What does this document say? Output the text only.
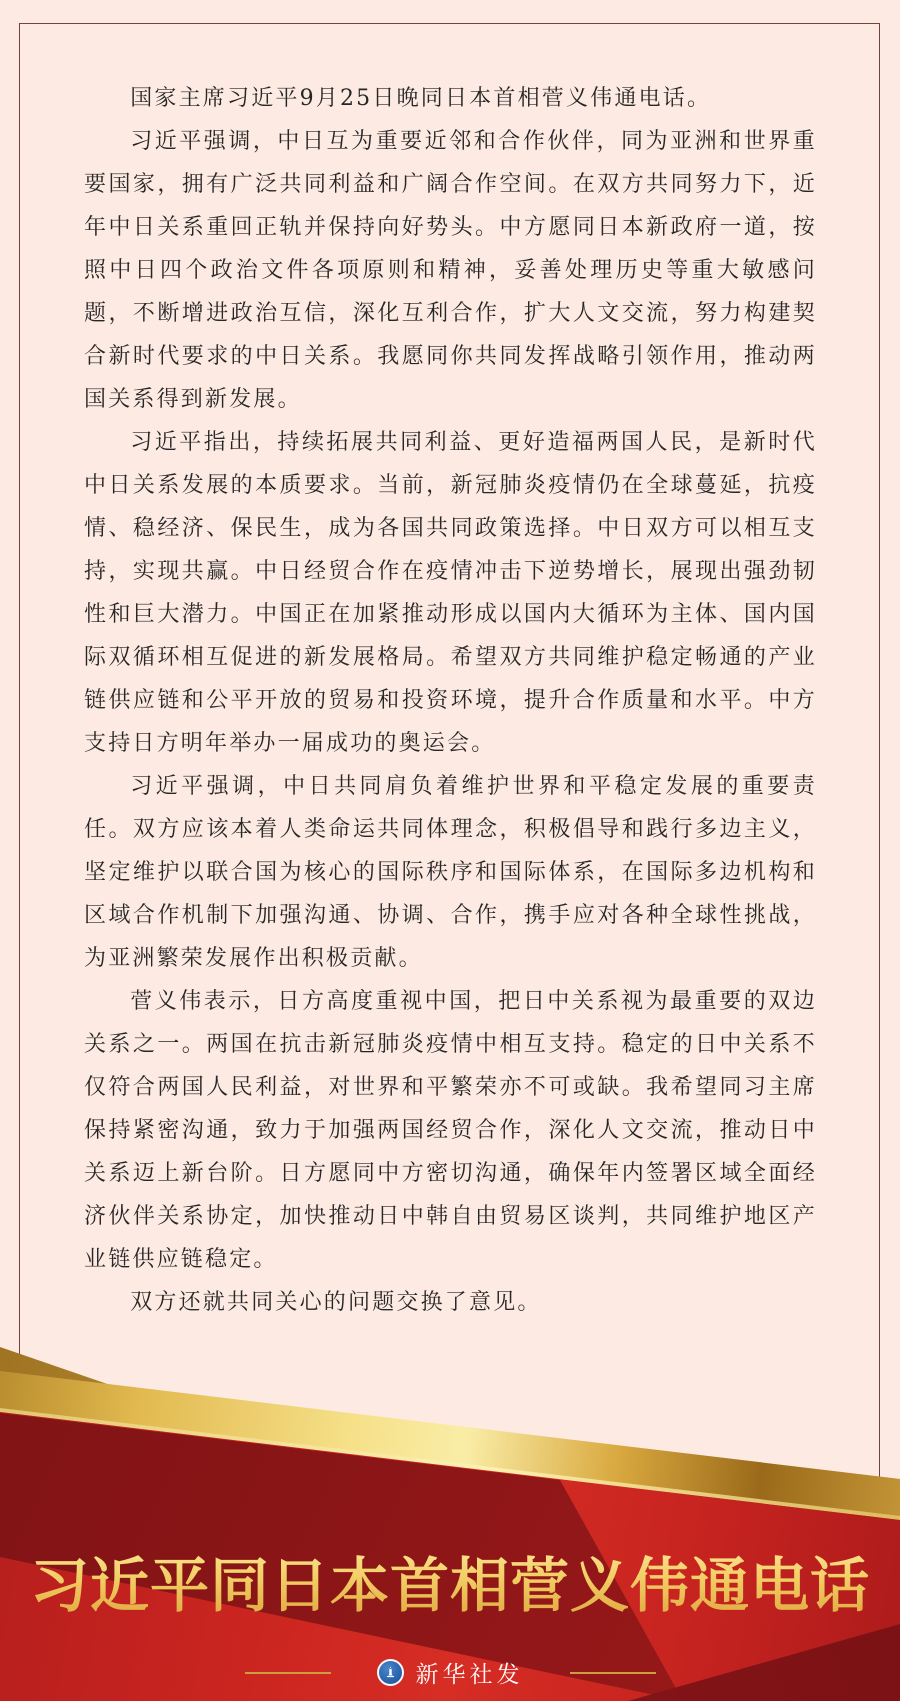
国家主席习近平9月25日晚同日本首相菅义伟通电话。

习近平强调，中日互为重要近邻和合作伙伴，同为亚洲和世界重要国家，拥有广泛共同利益和广阔合作空间。在双方共同努力下，近年中日关系重回正轨并保持向好势头。中方愿同日本新政府一道，按照中日四个政治文件各项原则和精神，妥善处理历史等重大敏感问题，不断增进政治互信，深化互利合作，扩大人文交流，努力构建契合新时代要求的中日关系。我愿同你共同发挥战略引领作用，推动两国关系得到新发展。

习近平指出，持续拓展共同利益、更好造福两国人民，是新时代中日关系发展的本质要求。当前，新冠肺炎疫情仍在全球蔓延，抗疫情、稳经济、保民生，成为各国共同政策选择。中日双方可以相互支持，实现共赢。中日经贸合作在疫情冲击下逆势增长，展现出强劲韧性和巨大潜力。中国正在加紧推动形成以国内大循环为主体、国内国际双循环相互促进的新发展格局。希望双方共同维护稳定畅通的产业链供应链和公平开放的贸易和投资环境，提升合作质量和水平。中方支持日方明年举办一届成功的奥运会。

习近平强调，中日共同肩负着维护世界和平稳定发展的重要责任。双方应该本着人类命运共同体理念，积极倡导和践行多边主义，坚定维护以联合国为核心的国际秩序和国际体系，在国际多边机构和区域合作机制下加强沟通、协调、合作，携手应对各种全球性挑战，为亚洲繁荣发展作出积极贡献。

菅义伟表示，日方高度重视中国，把日中关系视为最重要的双边关系之一。两国在抗击新冠肺炎疫情中相互支持。稳定的日中关系不仅符合两国人民利益，对世界和平繁荣亦不可或缺。我希望同习主席保持紧密沟通，致力于加强两国经贸合作，深化人文交流，推动日中关系迈上新台阶。日方愿同中方密切沟通，确保年内签署区域全面经济伙伴关系协定，加快推动日中韩自由贸易区谈判，共同维护地区产业链供应链稳定。

双方还就共同关心的问题交换了意见。

习近平同日本首相菅义伟通电话
新华社发
